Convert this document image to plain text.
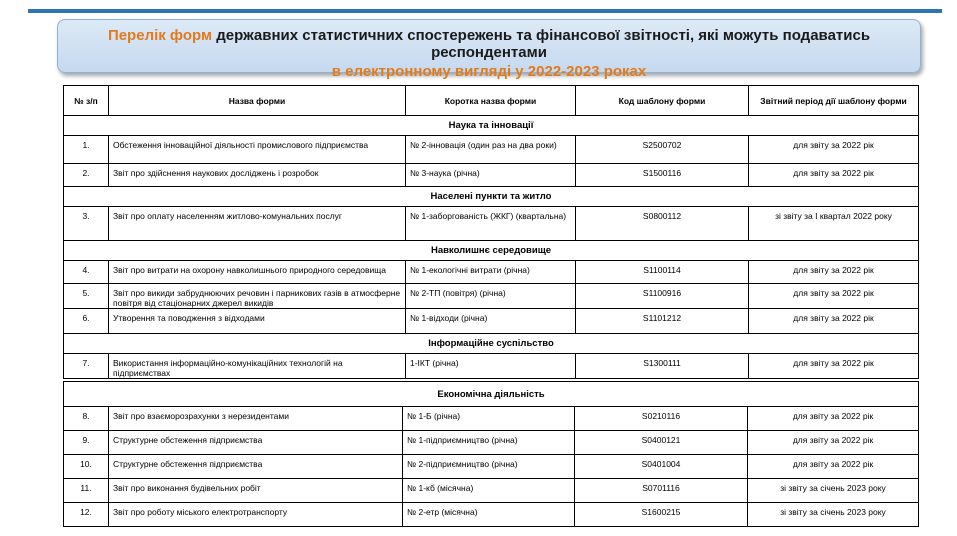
Перелік форм державних статистичних спостережень та фінансової звітності, які можуть подаватись респондентами
в електронному вигляді у 2022-2023 роках
№ з/п	Назва форми	Коротка назва форми	Код шаблону форми	Звітний період дії шаблону форми
Наука та інновації				
1.	Обстеження інноваційної діяльності промислового підприємства	№ 2-інновація (один раз на два роки)	S2500702	для звіту за 2022 рік
2.	Звіт про здійснення наукових досліджень і розробок	№ 3-наука (річна)	S1500116	для звіту за 2022 рік
Населені пункти та житло				
3.	Звіт про оплату населенням житлово-комунальних послуг	№ 1-заборгованість (ЖКГ) (квартальна)	S0800112	зі звіту за I квартал 2022 року
Навколишнє середовище				
4.	Звіт про витрати на охорону навколишнього природного середовища	№ 1-екологічні витрати (річна)	S1100114	для звіту за 2022 рік
5.	Звіт про викиди забруднюючих речовин і парникових газів в атмосферне повітря від стаціонарних джерел викидів	№ 2-ТП (повітря) (річна)	S1100916	для звіту за 2022 рік
6.	Утворення та поводження з відходами	№ 1-відходи (річна)	S1101212	для звіту за 2022 рік
Інформаційне суспільство				
7.	Використання інформаційно-комунікаційних технологій на підприємствах	1-ІКТ (річна)	S1300111	для звіту за 2022 рік
Економічна діяльність				
8.	Звіт про взаєморозрахунки з нерезидентами	№ 1-Б (річна)	S0210116	для звіту за 2022 рік
9.	Структурне обстеження підприємства	№ 1-підприємництво (річна)	S0400121	для звіту за 2022 рік
10.	Структурне обстеження підприємства	№ 2-підприємництво (річна)	S0401004	для звіту за 2022 рік
11.	Звіт про виконання будівельних робіт	№ 1-кб (місячна)	S0701116	зі звіту за січень 2023 року
12.	Звіт про роботу міського електротранспорту	№ 2-етр (місячна)	S1600215	зі звіту за січень 2023 року
